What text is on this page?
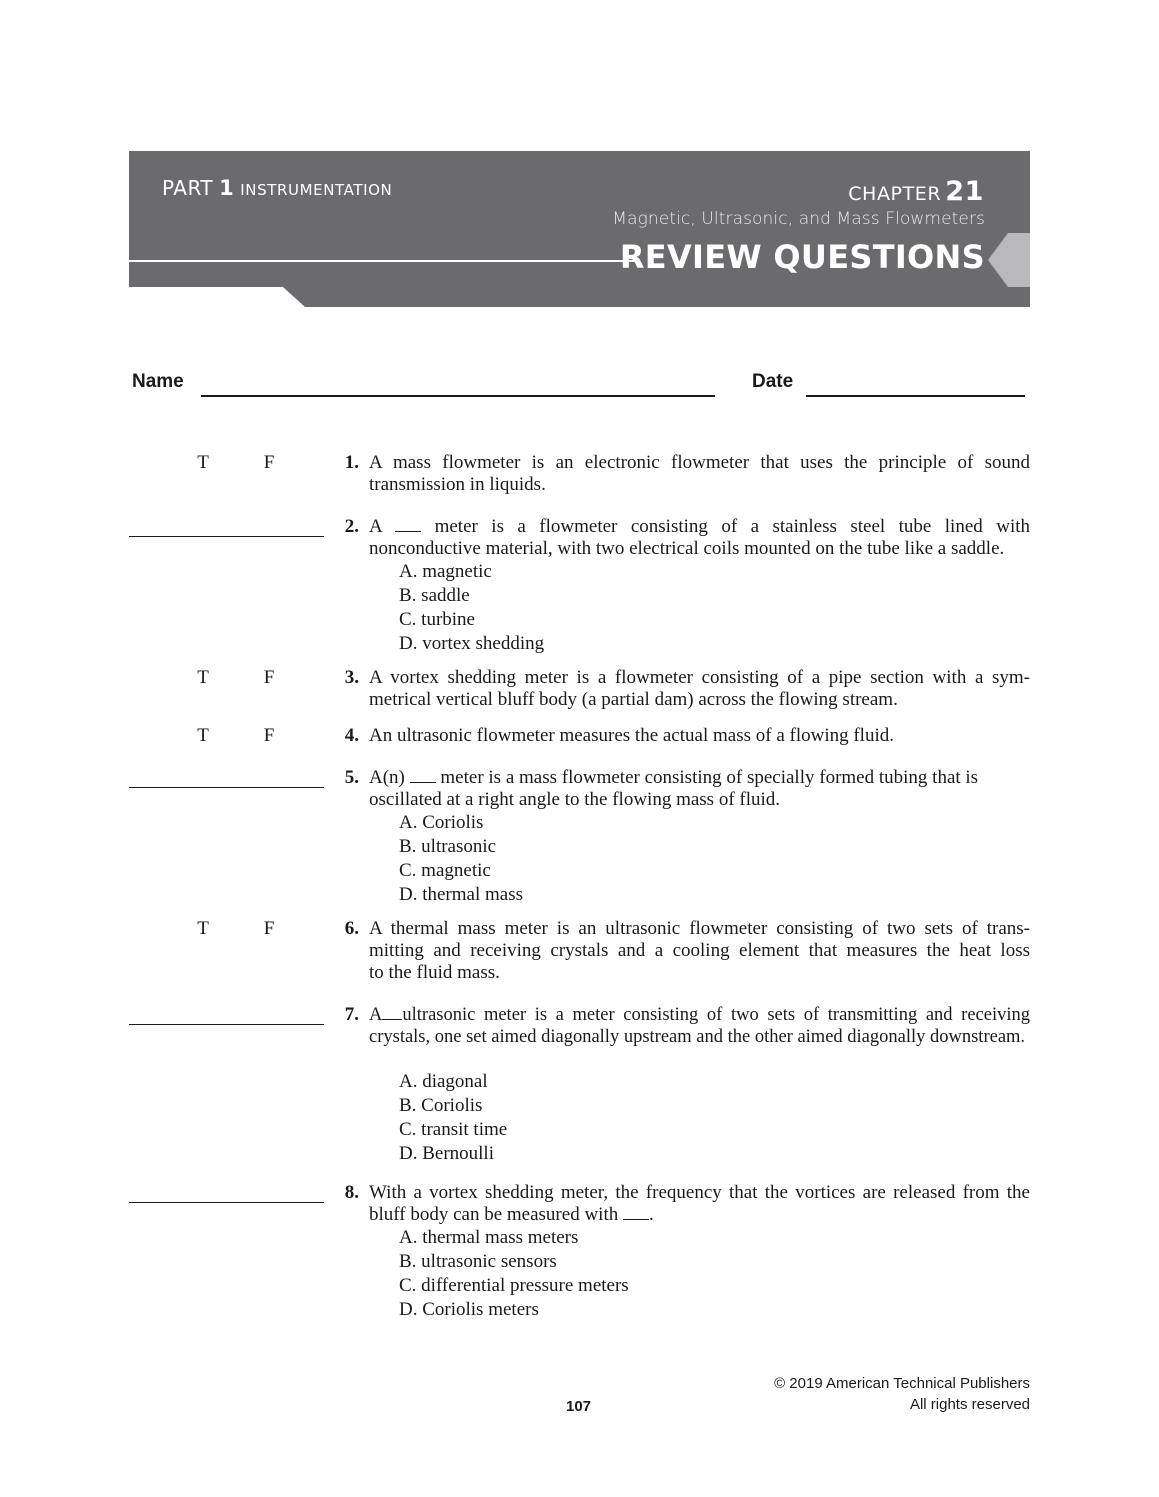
PART 1 INSTRUMENTATION	CHAPTER 21
Magnetic, Ultrasonic, and Mass Flowmeters
REVIEW QUESTIONS
Name	Date
T	F	1. A mass flowmeter is an electronic flowmeter that uses the principle of sound
transmission in liquids.
2. A	meter is a flowmeter consisting of a stainless steel tube lined with nonconductive material, with two electrical coils mounted on the tube like a saddle.
A. magnetic
B. saddle
C. turbine
D. vortex shedding
T	F	3. A vortex shedding meter is a flowmeter consisting of a pipe section with a sym-
metrical vertical bluff body (a partial dam) across the flowing stream.
T	F	4. An ultrasonic flowmeter measures the actual mass of a flowing fluid.
5. A(n) meter is a mass flowmeter consisting of specially formed tubing that is oscillated at a right angle to the flowing mass of fluid.
A. Coriolis
B. ultrasonic
C. magnetic
D. thermal mass
T	F	6. A thermal mass meter is an ultrasonic flowmeter consisting of two sets of trans-
mitting and receiving crystals and a cooling element that measures the heat loss
to the fluid mass.
7. A ultrasonic meter is a meter consisting of two sets of transmitting and receiving crystals, one set aimed diagonally upstream and the other aimed diagonally downstream.
A. diagonal
B. Coriolis
C. transit time
D. Bernoulli
8. With a vortex shedding meter, the frequency that the vortices are released from the bluff body can be measured with .
A. thermal mass meters
B. ultrasonic sensors
C. differential pressure meters
D. Coriolis meters
© 2019 American Technical Publishers
All rights reserved
107
